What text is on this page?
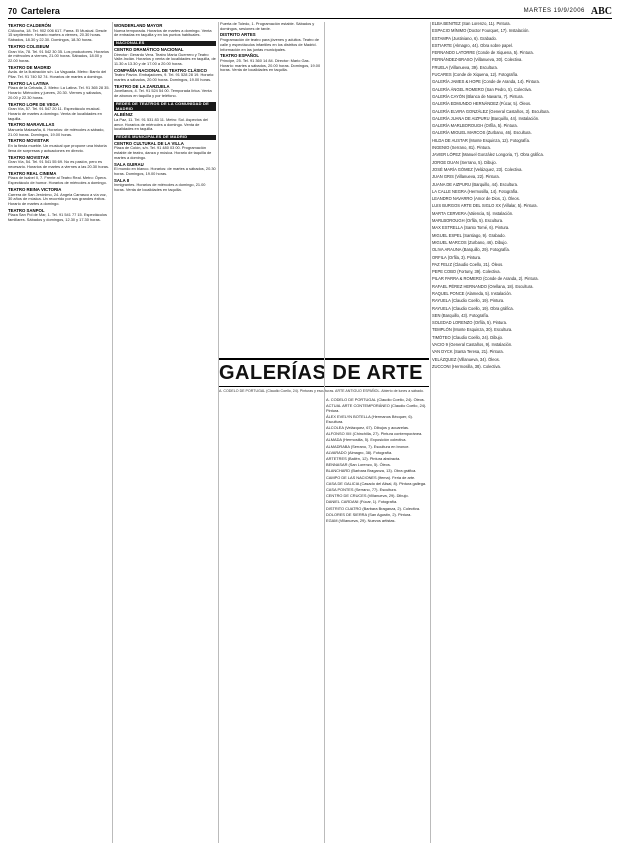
70 Cartelera	MARTES 19/9/2006 ABC
TEATRO CALDERÓN

C/Atocha, 18. Tel. 902 006 617. Fama. El Musical. Desde 15 septiembre. Horario martes a viernes, 20.30 horas. Sábados, 18.30 y 22.30. Domingos, 18.30 horas.

TEATRO COLISEUM

Gran Vía, 78. Tel. 91 542 30 35. Los productores. Horarios de miércoles a viernes, 21.00 horas. Sábados, 18.00 y 22.00 horas.

TEATRO DE MADRID

Avda. de la Ilustración s/n. La Vaguada. Metro: Barrio del Pilar. Tel. 91 740 52 74. Horarios de martes a domingo.

TEATRO LA LATINA

Plaza de la Cebada, 2. Metro: La Latina. Tel. 91 365 28 35. Horario: Miércoles y jueves, 20.30. Viernes y sábados, 20.00 y 22.30 horas.

TEATRO LOPE DE VEGA

Gran Vía, 57. Tel. 91 547 20 11. Espectáculo musical. Horario de martes a domingo. Venta de localidades en taquilla.

TEATRO MARAVILLAS

Manuela Malasaña, 6. Horarios: de miércoles a sábado, 21.00 horas. Domingos, 19.00 horas.

TEATRO MOVISTAR

En la fiesta mueble. Un musical que propone una historia llena de sorpresas y actuaciones en directo.

TEATRO MOVISTAR

Gran Vía, 54. Tel. 91 541 55 69. No es pasión, pero es necesario. Horarios de martes a viernes a las 20.30 horas.

TEATRO REAL CINEMA

Plaza de Isabel II, 7. Frente al Teatro Real. Metro: Ópera. Espectáculo de humor. Horarios de miércoles a domingo.

TEATRO REINA VICTORIA

Carrera de San Jerónimo, 24. Angela Carrasco a vía voz, 30 años de música. Un recorrido por sus grandes éxitos. Horario de martes a domingo.

TEATRO SANPOL

Plaza San Pol de Mar, 1. Tel. 91 541 77 15. Espectáculos familiares. Sábados y domingos, 12.30 y 17.30 horas.

WONDERLAND MAYOR

Nueva temporada. Horarios de martes a domingo. Venta de entradas en taquilla y en los puntos habituales.

NACIONALES
CENTRO DRAMÁTICO NACIONAL

Director: Gerardo Vera. Teatro María Guerrero y Teatro Valle-Inclán. Horarios y venta de localidades en taquilla, de 11.30 a 13.30 y de 17.00 a 20.00 horas.

COMPAÑÍA NACIONAL DE TEATRO CLÁSICO

Teatro Pavón. Embajadores, 9. Tel. 91 528 28 19. Horario: martes a sábados, 20.00 horas. Domingos, 19.00 horas.

TEATRO DE LA ZARZUELA

Jovellanos, 4. Tel. 91 524 54 00. Temporada lírica. Venta de abonos en taquilla y por teléfono.

REDES DE TEATROS DE LA COMUNIDAD DE MADRID
ALBÉNIZ

La Paz, 11. Tel. 91 531 83 11. Metro: Sol. Aspectos del amor. Horarios de miércoles a domingo. Venta de localidades en taquilla.

REDES MUNICIPALES DE MADRID
CENTRO CULTURAL DE LA VILLA

Plaza de Colón, s/n. Tel. 91 480 03 00. Programación estable de teatro, danza y música. Horario de taquilla de martes a domingo.

SALA GUIRAU

El mundo en blanco. Horarios: de martes a sábados, 20.30 horas. Domingos, 19.00 horas.

SALA II

Inmigrantes. Horarios de miércoles a domingo, 21.00 horas. Venta de localidades en taquilla.

Puerta de Toledo, 1. Programación estable. Sábados y domingos, sesiones de tarde.

DISTRITO ARTES

Programación de teatro para jóvenes y adultos. Teatro de calle y espectáculos infantiles en los distritos de Madrid. Información en las juntas municipales.

TEATRO ESPAÑOL

Príncipe, 25. Tel. 91 360 14 84. Director: Mario Gas. Horario: martes a sábados, 20.00 horas. Domingos, 19.00 horas. Venta de localidades en taquilla.

A. CODELO DE PORTUGAL (Claudio Coello, 24). Óleos.

ACTUAL ARTE CONTEMPORÁNEO (Claudio Coello, 24). Pintura.

ÁLEX EVELYN BOTELLA (Hermanos Bécquer, 6). Escultura.

ALCOLEA (Velázquez, 67). Dibujos y acuarelas.

ALFONSO XIII (Chinchilla, 27). Pintura contemporánea.

ALMADA (Hermosilla, 5). Exposición colectiva.

ALMADRABA (Serrano, 7). Escultura en bronce.

ALVARADO (Almagro, 38). Fotografía.

ARTETRES (Bailén, 12). Pintura abstracta.

BENNASAR (San Lorenzo, 5). Óleos.

BLANCHARD (Barbara Braganza, 13). Obra gráfica.

CAMPO DE LAS NACIONES (Ifema). Feria de arte.

CASA DE GALICIA (Casado del Alisal, 8). Pintura gallega.

CASA PONTES (Serrano, 77). Escultura.

CENTRO DE CRUCES (Villanueva, 29). Dibujo.

DANIEL CARDANI (Fúcar, 1). Fotografía.

DISTRITO CUATRO (Barbara Braganza, 2). Colectiva.

DOLORES DE SIERRA (San Agustín, 2). Pintura.

EGAM (Villanueva, 29). Nuevos artistas.

ELBA BENÍTEZ (San Lorenzo, 11). Pintura.

ESPACIO MÍNIMO (Doctor Fourquet, 17). Instalación.

ESTAMPA (Justiniano, 6). Grabado.

ESTIARTE (Almagro, 44). Obra sobre papel.

FERNANDO LATORRE (Conde de Xiquena, 5). Pintura.

FERNÁNDEZ-BRASO (Villanueva, 30). Colectiva.

FRUELA (Villanueva, 39). Escultura.

FUCARES (Conde de Xiquena, 12). Fotografía.

GALERÍA JAMES & HOPE (Conde de Aranda, 14). Pintura.

GALERÍA ÁNGEL ROMERO (San Pedro, 5). Colectiva.

GALERÍA CAYÓN (Blanca de Navarra, 7). Pintura.

GALERÍA EDMUNDO HERNÁNDEZ (Fúcar, 5). Óleos.

GALERÍA ELVIRA GONZÁLEZ (General Castaños, 3). Escultura.

GALERÍA JUANA DE AIZPURU (Barquillo, 44). Instalación.

GALERÍA MARLBOROUGH (Orfila, 5). Pintura.

GALERÍA MIGUEL MARCOS (Zurbano, 46). Escultura.

HILDA DE AUSTAR (Monte Esquinza, 12). Fotografía.

INGENIO (Serrano, 81). Pintura.

JAVIER LÓPEZ (Manuel González Longoria, 7). Obra gráfica.

JORGE DUAN (Serrano, 5). Dibujo.

JOSÉ MARÍA GÓMEZ (Velázquez, 23). Colectiva.

JUAN GRIS (Villanueva, 22). Pintura.

JUANA DE AIZPURU (Barquillo, 44). Escultura.

LA CALLE NEGRA (Hermosilla, 14). Fotografía.

LEANDRO NAVARRO (Amor de Dios, 1). Óleos.

LUIS BURGOS ARTE DEL SIGLO XX (Villalar, 5). Pintura.

MARTA CERVERA (Valencia, 5). Instalación.

MARLBOROUGH (Orfila, 5). Escultura.

MAX ESTRELLA (Santo Tomé, 6). Pintura.

MIGUEL ESPEL (Santiago, 9). Grabado.

MIGUEL MARCOS (Zurbano, 46). Dibujo.

OLIVA ARAUNA (Barquillo, 29). Fotografía.

ORFILA (Orfila, 3). Pintura.

PAZ FELIZ (Claudio Coello, 21). Óleos.

PEPE COBO (Fortuny, 39). Colectiva.

PILAR PARRA & ROMERO (Conde de Aranda, 2). Pintura.

RAFAEL PÉREZ HERNANDO (Orellana, 18). Escultura.

RAQUEL PONCE (Alameda, 5). Instalación.

RAYUELA (Claudio Coello, 19). Pintura.

RAYUELA (Claudio Coello, 19). Obra gráfica.

SEN (Barquillo, 43). Fotografía.

SOLEDAD LORENZO (Orfila, 5). Pintura.

TEMPLÓN (Monte Esquinza, 30). Escultura.

TIMÓTEO (Claudio Coello, 24). Dibujo.

VACIO 9 (General Castaños, 9). Instalación.

VAN DYCK (Santa Teresa, 21). Pintura.

VELÁZQUEZ (Villanueva, 34). Óleos.

ZUCCONI (Hermosilla, 38). Colectiva.

GALERÍAS DE ARTE
A. CODELO DE PORTUGAL (Claudio Coello, 24). Pinturas y esculturas. ARTE ANTIGUO ESPAÑOL. Abierto de lunes a sábado.
